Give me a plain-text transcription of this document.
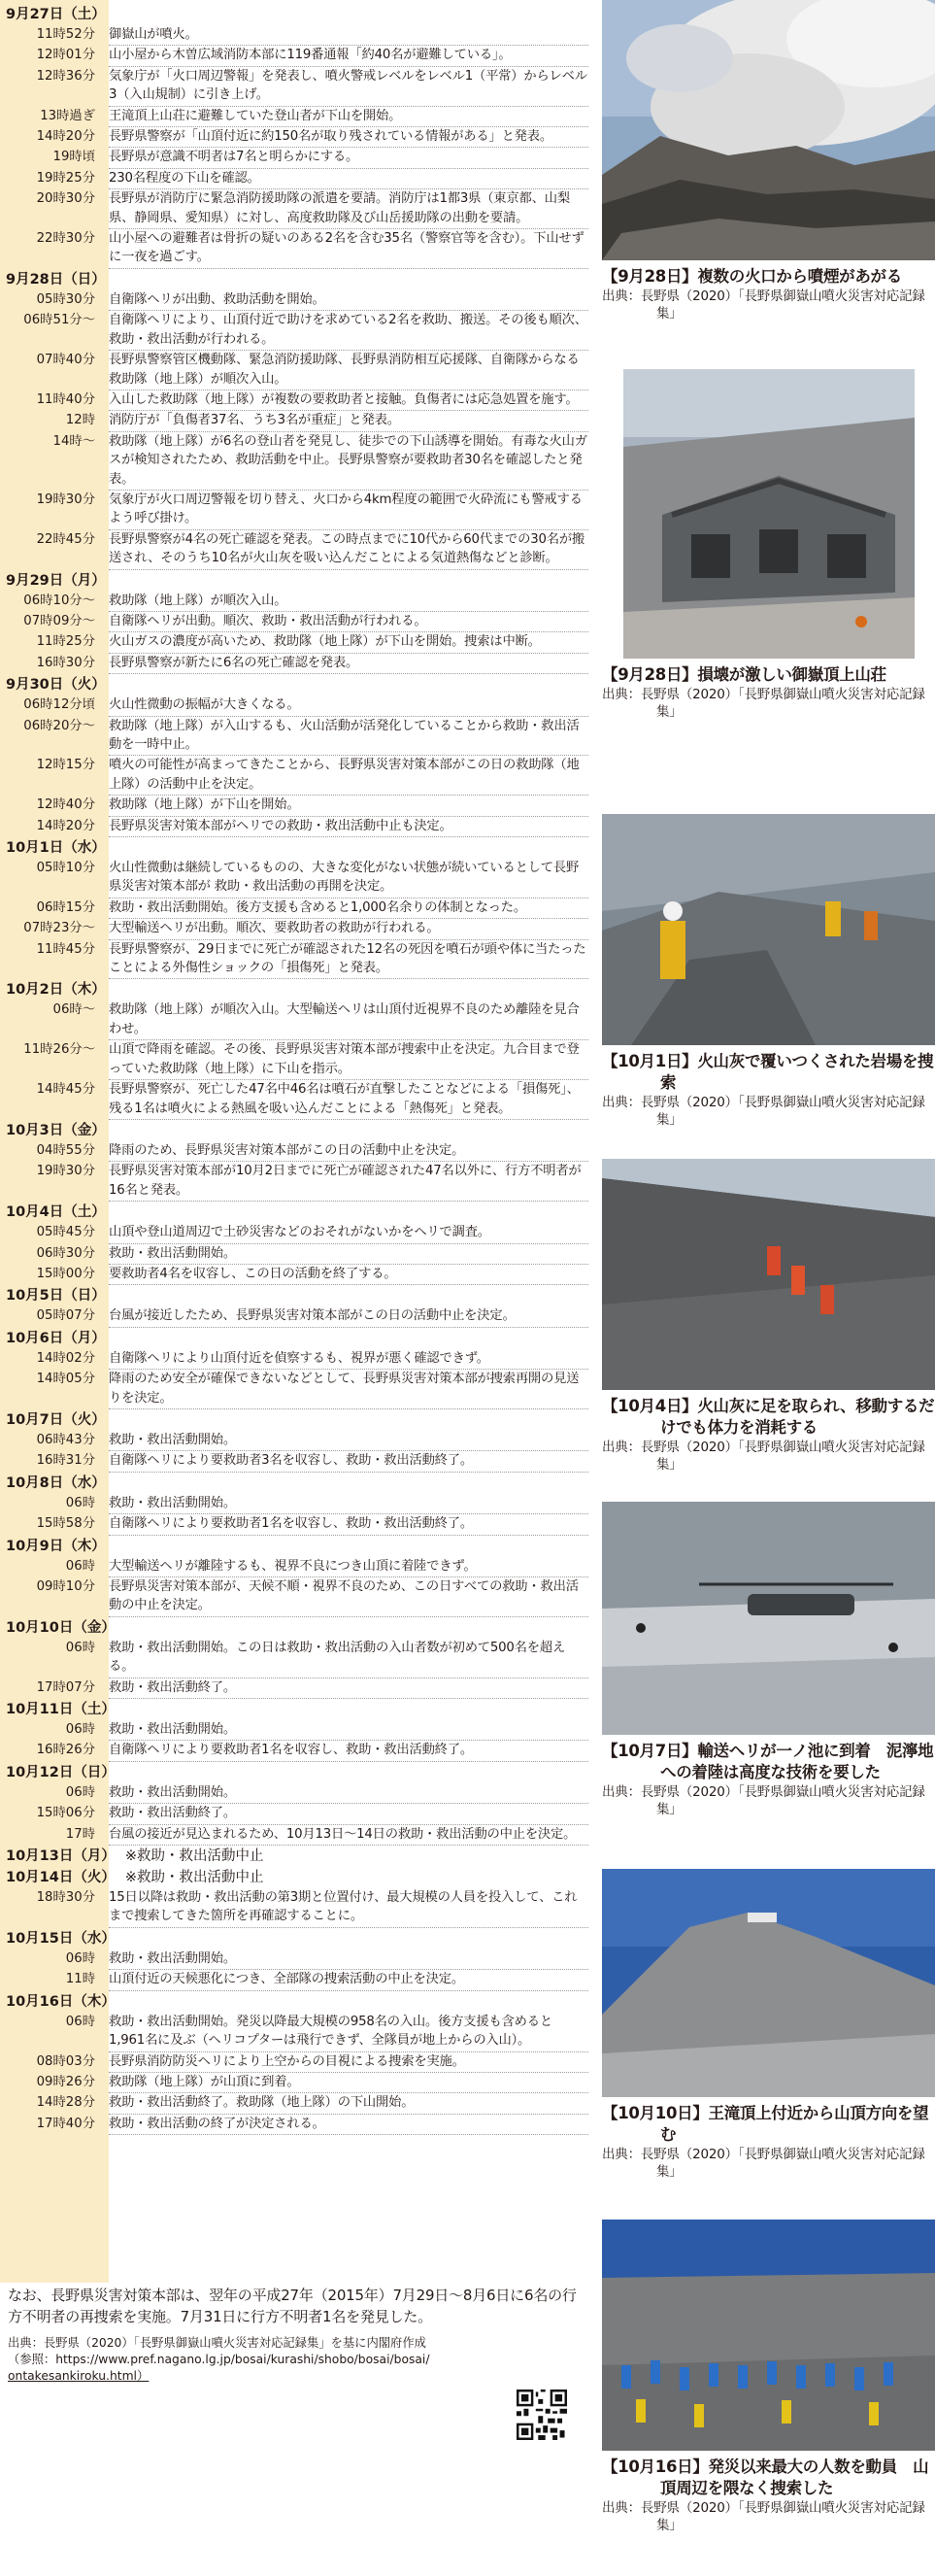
9月27日（土）
11時52分	御嶽山が噴火。
12時01分	山小屋から木曽広域消防本部に119番通報「約40名が避難している」。
12時36分	気象庁が「火口周辺警報」を発表し、噴火警戒レベルをレベル1（平常）からレベル3（入山規制）に引き上げ。
13時過ぎ	王滝頂上山荘に避難していた登山者が下山を開始。
14時20分	長野県警察が「山頂付近に約150名が取り残されている情報がある」と発表。
19時頃	長野県が意識不明者は7名と明らかにする。
19時25分	230名程度の下山を確認。
20時30分	長野県が消防庁に緊急消防援助隊の派遣を要請。消防庁は1都3県（東京都、山梨県、静岡県、愛知県）に対し、高度救助隊及び山岳援助隊の出動を要請。
22時30分	山小屋への避難者は骨折の疑いのある2名を含む35名（警察官等を含む）。下山せずに一夜を過ごす。
9月28日（日）
05時30分	自衛隊ヘリが出動、救助活動を開始。
06時51分～	自衛隊ヘリにより、山頂付近で助けを求めている2名を救助、搬送。その後も順次、救助・救出活動が行われる。
07時40分	長野県警察管区機動隊、緊急消防援助隊、長野県消防相互応援隊、自衛隊からなる 救助隊（地上隊）が順次入山。
11時40分	入山した救助隊（地上隊）が複数の要救助者と接触。負傷者には応急処置を施す。
12時	消防庁が「負傷者37名、うち3名が重症」と発表。
14時～	救助隊（地上隊）が6名の登山者を発見し、徒歩での下山誘導を開始。有毒な火山ガスが検知されたため、救助活動を中止。長野県警察が要救助者30名を確認したと発表。
19時30分	気象庁が火口周辺警報を切り替え、火口から4km程度の範囲で火砕流にも警戒するよう呼び掛け。
22時45分	長野県警察が4名の死亡確認を発表。この時点までに10代から60代までの30名が搬送され、そのうち10名が火山灰を吸い込んだことによる気道熱傷などと診断。
9月29日（月）
06時10分～	救助隊（地上隊）が順次入山。
07時09分～	自衛隊ヘリが出動。順次、救助・救出活動が行われる。
11時25分	火山ガスの濃度が高いため、救助隊（地上隊）が下山を開始。捜索は中断。
16時30分	長野県警察が新たに6名の死亡確認を発表。
9月30日（火）
06時12分頃	火山性微動の振幅が大きくなる。
06時20分～	救助隊（地上隊）が入山するも、火山活動が活発化していることから救助・救出活動を一時中止。
12時15分	噴火の可能性が高まってきたことから、長野県災害対策本部がこの日の救助隊（地上隊）の活動中止を決定。
12時40分	救助隊（地上隊）が下山を開始。
14時20分	長野県災害対策本部がヘリでの救助・救出活動中止も決定。
10月1日（水）
05時10分	火山性微動は継続しているものの、大きな変化がない状態が続いているとして長野県災害対策本部が 救助・救出活動の再開を決定。
06時15分	救助・救出活動開始。後方支援も含めると1,000名余りの体制となった。
07時23分～	大型輸送ヘリが出動。順次、要救助者の救助が行われる。
11時45分	長野県警察が、29日までに死亡が確認された12名の死因を噴石が頭や体に当たったことによる外傷性ショックの「損傷死」と発表。
10月2日（木）
06時～	救助隊（地上隊）が順次入山。大型輸送ヘリは山頂付近視界不良のため離陸を見合わせ。
11時26分～	山頂で降雨を確認。その後、長野県災害対策本部が捜索中止を決定。九合目まで登っていた救助隊（地上隊）に下山を指示。
14時45分	長野県警察が、死亡した47名中46名は噴石が直撃したことなどによる「損傷死」、残る1名は噴火による熱風を吸い込んだことによる「熱傷死」と発表。
10月3日（金）
04時55分	降雨のため、長野県災害対策本部がこの日の活動中止を決定。
19時30分	長野県災害対策本部が10月2日までに死亡が確認された47名以外に、行方不明者が16名と発表。
10月4日（土）
05時45分	山頂や登山道周辺で土砂災害などのおそれがないかをヘリで調査。
06時30分	救助・救出活動開始。
15時00分	要救助者4名を収容し、この日の活動を終了する。
10月5日（日）
05時07分	台風が接近したため、長野県災害対策本部がこの日の活動中止を決定。
10月6日（月）
14時02分	自衛隊ヘリにより山頂付近を偵察するも、視界が悪く確認できず。
14時05分	降雨のため安全が確保できないなどとして、長野県災害対策本部が捜索再開の見送りを決定。
10月7日（火）
06時43分	救助・救出活動開始。
16時31分	自衛隊ヘリにより要救助者3名を収容し、救助・救出活動終了。
10月8日（水）
06時	救助・救出活動開始。
15時58分	自衛隊ヘリにより要救助者1名を収容し、救助・救出活動終了。
10月9日（木）
06時	大型輸送ヘリが離陸するも、視界不良につき山頂に着陸できず。
09時10分	長野県災害対策本部が、天候不順・視界不良のため、この日すべての救助・救出活動の中止を決定。
10月10日（金）
06時	救助・救出活動開始。この日は救助・救出活動の入山者数が初めて500名を超える。
17時07分	救助・救出活動終了。
10月11日（土）
06時	救助・救出活動開始。
16時26分	自衛隊ヘリにより要救助者1名を収容し、救助・救出活動終了。
10月12日（日）
06時	救助・救出活動開始。
15時06分	救助・救出活動終了。
17時	台風の接近が見込まれるため、10月13日～14日の救助・救出活動の中止を決定。
10月13日（月） ※救助・救出活動中止
10月14日（火） ※救助・救出活動中止
18時30分	15日以降は救助・救出活動の第3期と位置付け、最大規模の人員を投入して、これまで捜索してきた箇所を再確認することに。
10月15日（水）
06時	救助・救出活動開始。
11時	山頂付近の天候悪化につき、全部隊の捜索活動の中止を決定。
10月16日（木）
06時	救助・救出活動開始。発災以降最大規模の958名の入山。後方支援も含めると1,961名に及ぶ（ヘリコプターは飛行できず、全隊員が地上からの入山）。
08時03分	長野県消防防災ヘリにより上空からの目視による捜索を実施。
09時26分	救助隊（地上隊）が山頂に到着。
14時28分	救助・救出活動終了。救助隊（地上隊）の下山開始。
17時40分	救助・救出活動の終了が決定される。
【9月28日】複数の火口から噴煙があがる
出典：長野県（2020）「長野県御嶽山噴火災害対応記録集」
【9月28日】損壊が激しい御嶽頂上山荘
出典：長野県（2020）「長野県御嶽山噴火災害対応記録集」
【10月1日】火山灰で覆いつくされた岩場を捜索
出典：長野県（2020）「長野県御嶽山噴火災害対応記録集」
【10月4日】火山灰に足を取られ、移動するだけでも体力を消耗する
出典：長野県（2020）「長野県御嶽山噴火災害対応記録集」
【10月7日】輸送ヘリが一ノ池に到着　泥濘地への着陸は高度な技術を要した
出典：長野県（2020）「長野県御嶽山噴火災害対応記録集」
【10月10日】王滝頂上付近から山頂方向を望む
出典：長野県（2020）「長野県御嶽山噴火災害対応記録集」
【10月16日】発災以来最大の人数を動員　山頂周辺を隈なく捜索した
出典：長野県（2020）「長野県御嶽山噴火災害対応記録集」
なお、長野県災害対策本部は、翌年の平成27年（2015年）7月29日～8月6日に6名の行方不明者の再捜索を実施。7月31日に行方不明者1名を発見した。
出典：長野県（2020）「長野県御嶽山噴火災害対応記録集」を基に内閣府作成
（参照：https://www.pref.nagano.lg.jp/bosai/kurashi/shobo/bosai/bosai/
ontakesankiroku.html）
